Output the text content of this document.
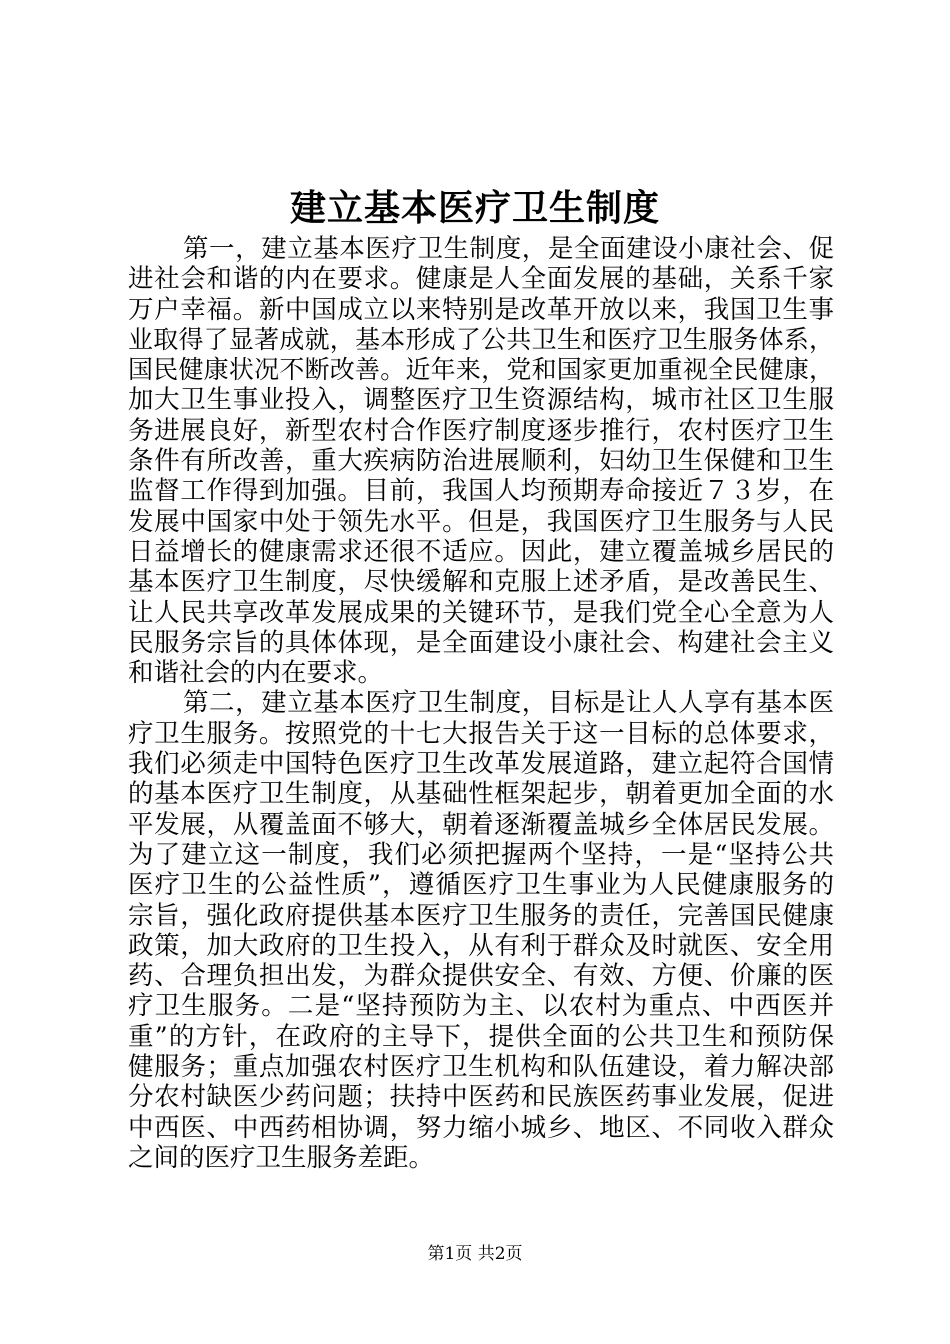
建立基本医疗卫生制度
第一，建立基本医疗卫生制度，是全面建设小康社会、促
进社会和谐的内在要求。健康是人全面发展的基础，关系千家
万户幸福。新中国成立以来特别是改革开放以来，我国卫生事
业取得了显著成就，基本形成了公共卫生和医疗卫生服务体系，
国民健康状况不断改善。近年来，党和国家更加重视全民健康，
加大卫生事业投入，调整医疗卫生资源结构，城市社区卫生服
务进展良好，新型农村合作医疗制度逐步推行，农村医疗卫生
条件有所改善，重大疾病防治进展顺利，妇幼卫生保健和卫生
监督工作得到加强。目前，我国人均预期寿命接近７３岁，在
发展中国家中处于领先水平。但是，我国医疗卫生服务与人民
日益增长的健康需求还很不适应。因此，建立覆盖城乡居民的
基本医疗卫生制度，尽快缓解和克服上述矛盾，是改善民生、
让人民共享改革发展成果的关键环节，是我们党全心全意为人
民服务宗旨的具体体现，是全面建设小康社会、构建社会主义
和谐社会的内在要求。
第二，建立基本医疗卫生制度，目标是让人人享有基本医
疗卫生服务。按照党的十七大报告关于这一目标的总体要求，
我们必须走中国特色医疗卫生改革发展道路，建立起符合国情
的基本医疗卫生制度，从基础性框架起步，朝着更加全面的水
平发展，从覆盖面不够大，朝着逐渐覆盖城乡全体居民发展。
为了建立这一制度，我们必须把握两个坚持，一是“坚持公共
医疗卫生的公益性质”，遵循医疗卫生事业为人民健康服务的
宗旨，强化政府提供基本医疗卫生服务的责任，完善国民健康
政策，加大政府的卫生投入，从有利于群众及时就医、安全用
药、合理负担出发，为群众提供安全、有效、方便、价廉的医
疗卫生服务。二是“坚持预防为主、以农村为重点、中西医并
重”的方针，在政府的主导下，提供全面的公共卫生和预防保
健服务；重点加强农村医疗卫生机构和队伍建设，着力解决部
分农村缺医少药问题；扶持中医药和民族医药事业发展，促进
中西医、中西药相协调，努力缩小城乡、地区、不同收入群众
之间的医疗卫生服务差距。
第1页 共2页
